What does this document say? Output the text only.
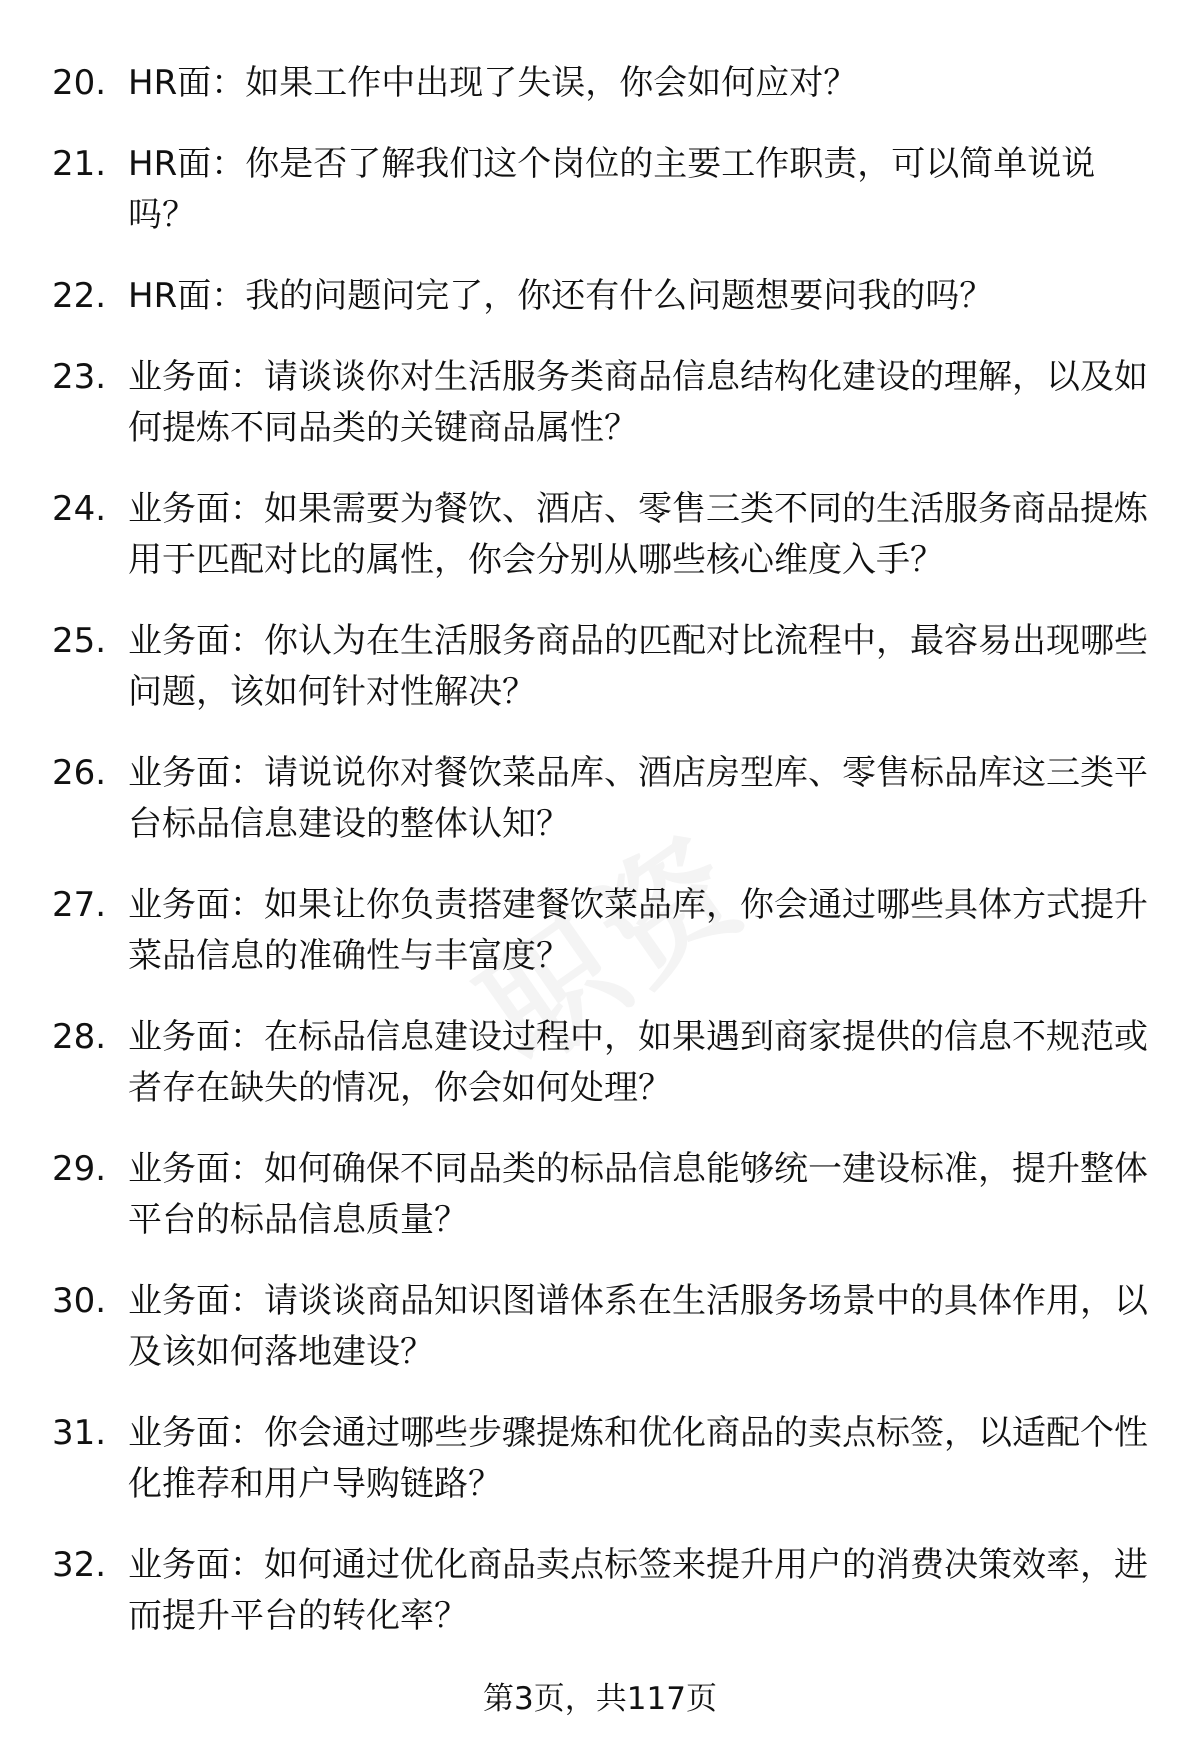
20. HR面：如果工作中出现了失误，你会如何应对？
21. HR面：你是否了解我们这个岗位的主要工作职责，可以简单说说吗？
22. HR面：我的问题问完了，你还有什么问题想要问我的吗？
23. 业务面：请谈谈你对生活服务类商品信息结构化建设的理解，以及如何提炼不同品类的关键商品属性？
24. 业务面：如果需要为餐饮、酒店、零售三类不同的生活服务商品提炼用于匹配对比的属性，你会分别从哪些核心维度入手？
25. 业务面：你认为在生活服务商品的匹配对比流程中，最容易出现哪些问题，该如何针对性解决？
26. 业务面：请说说你对餐饮菜品库、酒店房型库、零售标品库这三类平台标品信息建设的整体认知？
27. 业务面：如果让你负责搭建餐饮菜品库，你会通过哪些具体方式提升菜品信息的准确性与丰富度？
28. 业务面：在标品信息建设过程中，如果遇到商家提供的信息不规范或者存在缺失的情况，你会如何处理？
29. 业务面：如何确保不同品类的标品信息能够统一建设标准，提升整体平台的标品信息质量？
30. 业务面：请谈谈商品知识图谱体系在生活服务场景中的具体作用，以及该如何落地建设？
31. 业务面：你会通过哪些步骤提炼和优化商品的卖点标签，以适配个性化推荐和用户导购链路？
32. 业务面：如何通过优化商品卖点标签来提升用户的消费决策效率，进而提升平台的转化率？
第3页，共117页
